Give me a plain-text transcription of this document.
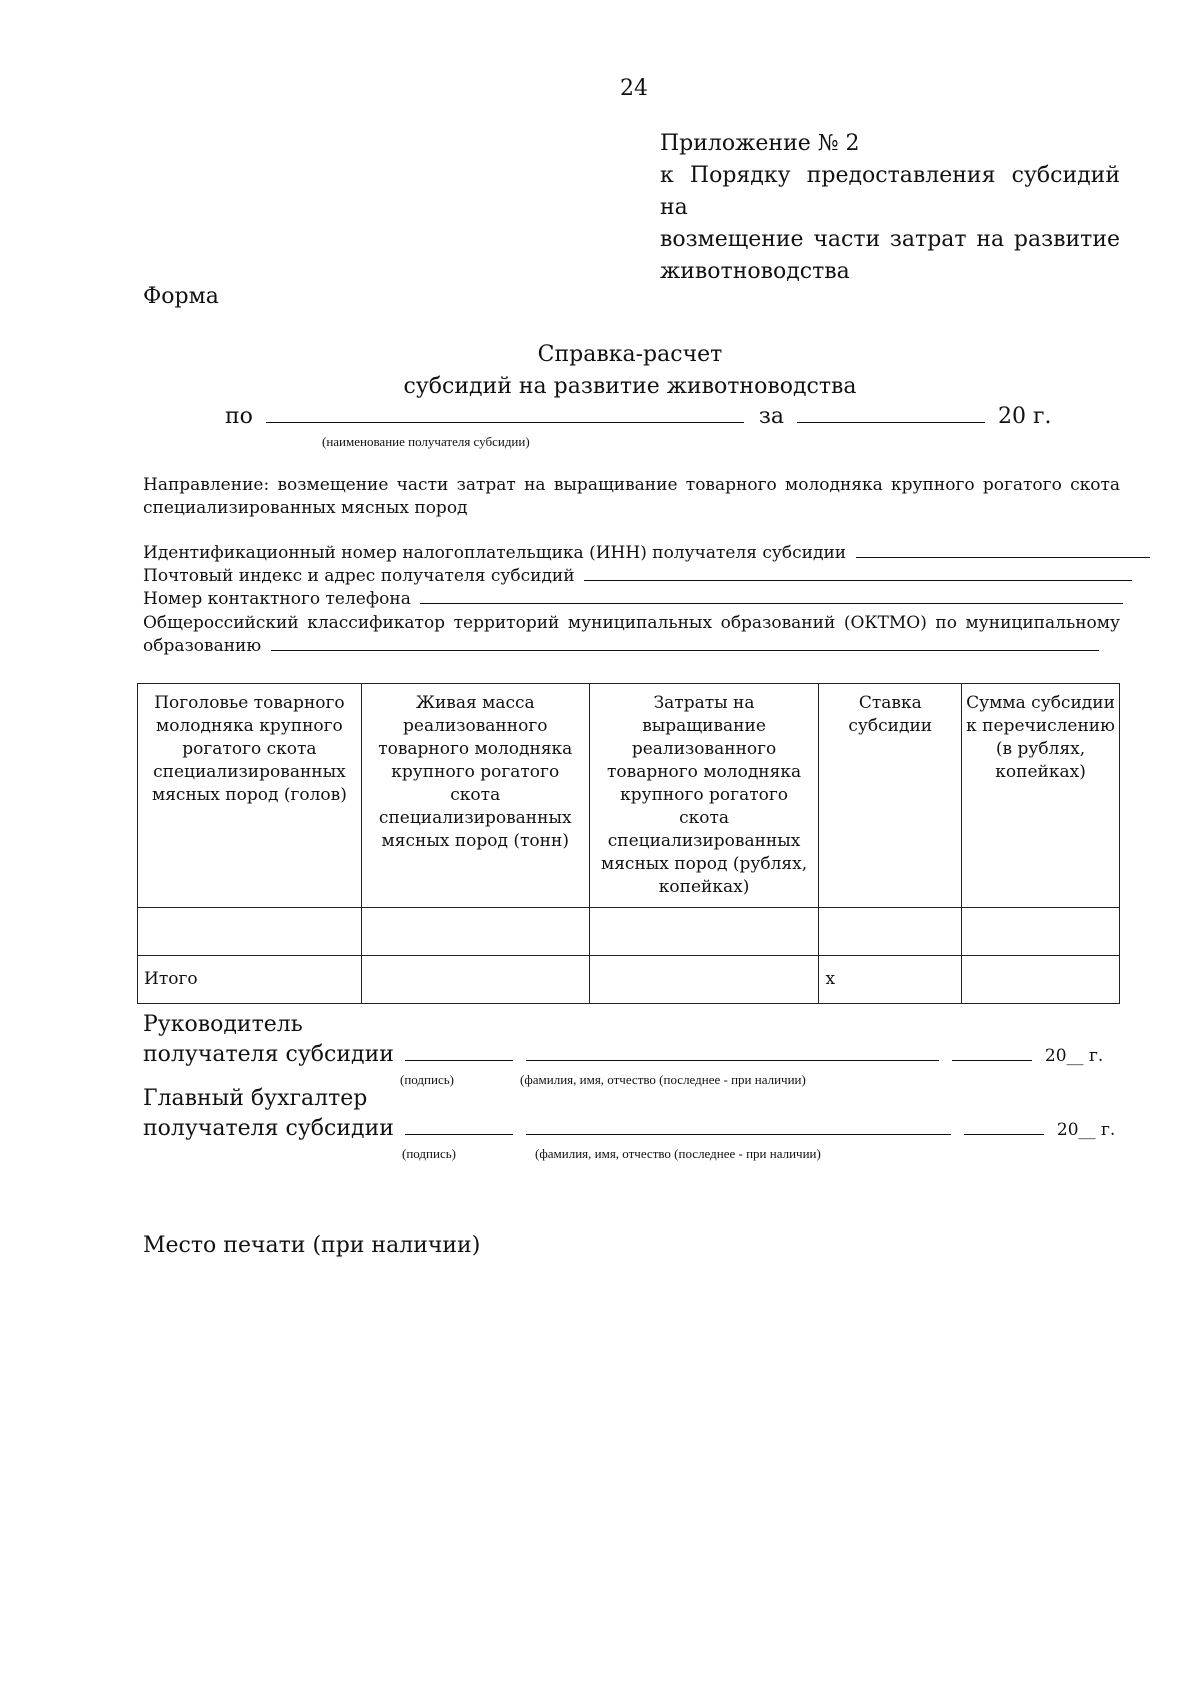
24
Приложение № 2
к Порядку предоставления субсидий на
возмещение части затрат на развитие
животноводства
Форма
Справка-расчет
субсидий на развитие животноводства
по	за	20 г.
(наименование получателя субсидии)
Направление: возмещение части затрат на выращивание товарного молодняка крупного рогатого скота специализированных мясных пород
Идентификационный номер налогоплательщика (ИНН) получателя субсидии
Почтовый индекс и адрес получателя субсидий
Номер контактного телефона
Общероссийский классификатор территорий муниципальных образований (ОКТМО) по муниципальному
образованию
Поголовье товарного молодняка крупного рогатого скота специализированных мясных пород (голов)	Живая масса реализованного товарного молодняка крупного рогатого скота специализированных мясных пород (тонн)	Затраты на выращивание реализованного товарного молодняка крупного рогатого скота специализированных мясных пород (рублях, копейках)	Ставка субсидии	Сумма субсидии к перечислению (в рублях, копейках)

Итого			x	
Руководитель
получателя субсидии	20__ г.
(подпись)	(фамилия, имя, отчество (последнее - при наличии)
Главный бухгалтер
получателя субсидии	20__ г.
(подпись)	(фамилия, имя, отчество (последнее - при наличии)
Место печати (при наличии)
